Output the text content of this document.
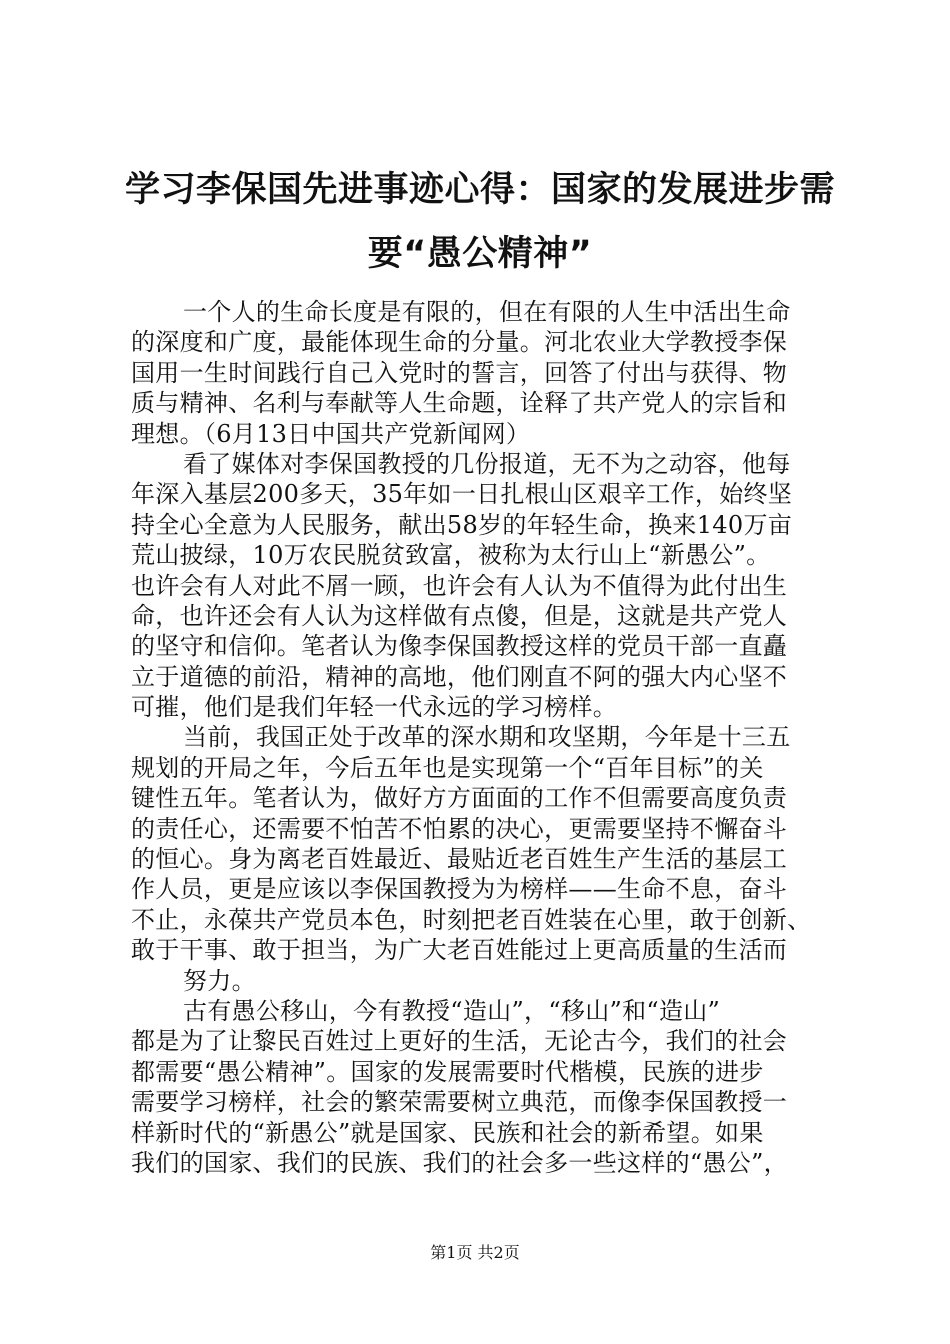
学习李保国先进事迹心得：国家的发展进步需
要“愚公精神”
一个人的生命长度是有限的，但在有限的人生中活出生命
的深度和广度，最能体现生命的分量。河北农业大学教授李保
国用一生时间践行自己入党时的誓言，回答了付出与获得、物
质与精神、名利与奉献等人生命题，诠释了共产党人的宗旨和
理想。（6月13日中国共产党新闻网）
看了媒体对李保国教授的几份报道，无不为之动容，他每
年深入基层200多天，35年如一日扎根山区艰辛工作，始终坚
持全心全意为人民服务，献出58岁的年轻生命，换来140万亩
荒山披绿，10万农民脱贫致富，被称为太行山上“新愚公”。
也许会有人对此不屑一顾，也许会有人认为不值得为此付出生
命，也许还会有人认为这样做有点傻，但是，这就是共产党人
的坚守和信仰。笔者认为像李保国教授这样的党员干部一直矗
立于道德的前沿，精神的高地，他们刚直不阿的强大内心坚不
可摧，他们是我们年轻一代永远的学习榜样。
当前，我国正处于改革的深水期和攻坚期，今年是十三五
规划的开局之年，今后五年也是实现第一个“百年目标”的关
键性五年。笔者认为，做好方方面面的工作不但需要高度负责
的责任心，还需要不怕苦不怕累的决心，更需要坚持不懈奋斗
的恒心。身为离老百姓最近、最贴近老百姓生产生活的基层工
作人员，更是应该以李保国教授为为榜样——生命不息，奋斗
不止，永葆共产党员本色，时刻把老百姓装在心里，敢于创新、
敢于干事、敢于担当，为广大老百姓能过上更高质量的生活而
努力。
古有愚公移山，今有教授“造山”，“移山”和“造山”
都是为了让黎民百姓过上更好的生活，无论古今，我们的社会
都需要“愚公精神”。国家的发展需要时代楷模，民族的进步
需要学习榜样，社会的繁荣需要树立典范，而像李保国教授一
样新时代的“新愚公”就是国家、民族和社会的新希望。如果
我们的国家、我们的民族、我们的社会多一些这样的“愚公”，
第1页 共2页
